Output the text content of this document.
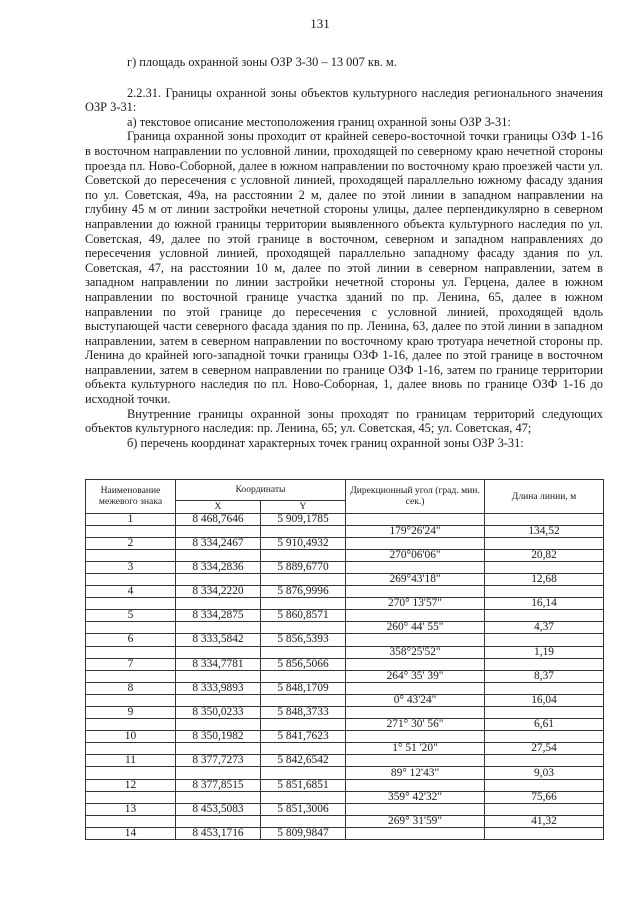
131

г) площадь охранной зоны ОЗР 3-30 – 13 007 кв. м.

2.2.31. Границы охранной зоны объектов культурного наследия регионального значения ОЗР 3-31:

а) текстовое описание местоположения границ охранной зоны ОЗР 3-31:

Граница охранной зоны проходит от крайней северо-восточной точки границы ОЗФ 1-16 в восточном направлении по условной линии, проходящей по северному краю нечетной стороны проезда пл. Ново-Соборной, далее в южном направлении по восточному краю проезжей части ул. Советской до пересечения с условной линией, проходящей параллельно южному фасаду здания по ул. Советская, 49а, на расстоянии 2 м, далее по этой линии в западном направлении на глубину 45 м от линии застройки нечетной стороны улицы, далее перпендикулярно в северном направлении до южной границы территории выявленного объекта культурного наследия по ул. Советская, 49, далее по этой границе в восточном, северном и западном направлениях до пересечения условной линией, проходящей параллельно западному фасаду здания по ул. Советская, 47, на расстоянии 10 м, далее по этой линии в северном направлении, затем в западном направлении по линии застройки нечетной стороны ул. Герцена, далее в южном направлении по восточной границе участка зданий по пр. Ленина, 65, далее в южном направлении по этой границе до пересечения с условной линией, проходящей вдоль выступающей части северного фасада здания по пр. Ленина, 63, далее по этой линии в западном направлении, затем в северном направлении по восточному краю тротуара нечетной стороны пр. Ленина до крайней юго-западной точки границы ОЗФ 1-16, далее по этой границе в восточном направлении, затем в северном направлении по границе ОЗФ 1-16, затем по границе территории объекта культурного наследия по пл. Ново-Соборная, 1, далее вновь по границе ОЗФ 1-16 до исходной точки.

Внутренние границы охранной зоны проходят по границам территорий следующих объектов культурного наследия: пр. Ленина, 65; ул. Советская, 45; ул. Советская, 47;

б) перечень координат характерных точек границ охранной зоны ОЗР 3-31:

Наименование межевого знака	Координаты		Дирекционный угол (град. мин. сек.)	Длина линии, м
	X	Y		
1	8 468,7646	5 909,1785		
			179°26'24"	134,52
2	8 334,2467	5 910,4932		
			270°06'06"	20,82
3	8 334,2836	5 889,6770		
			269°43'18"	12,68
4	8 334,2220	5 876,9996		
			270° 13'57"	16,14
5	8 334,2875	5 860,8571		
			260° 44' 55"	4,37
6	8 333,5842	5 856,5393		
			358°25'52"	1,19
7	8 334,7781	5 856,5066		
			264° 35' 39"	8,37
8	8 333,9893	5 848,1709		
			0° 43'24"	16,04
9	8 350,0233	5 848,3733		
			271° 30' 56"	6,61
10	8 350,1982	5 841,7623		
			1° 51 '20"	27,54
11	8 377,7273	5 842,6542		
			89° 12'43"	9,03
12	8 377,8515	5 851,6851		
			359° 42'32"	75,66
13	8 453,5083	5 851,3006		
			269° 31'59"	41,32
14	8 453,1716	5 809,9847		
